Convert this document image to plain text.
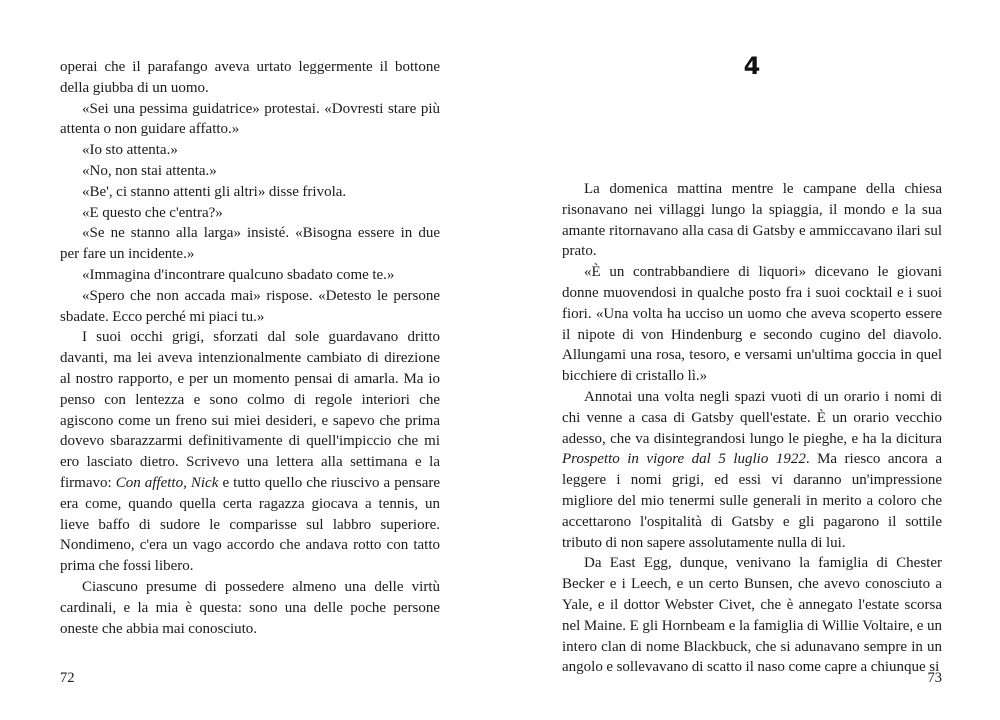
operai che il parafango aveva urtato leggermente il bottone della giubba di un uomo.

«Sei una pessima guidatrice» protestai. «Dovresti stare più attenta o non guidare affatto.»

«Io sto attenta.»

«No, non stai attenta.»

«Be', ci stanno attenti gli altri» disse frivola.

«E questo che c'entra?»

«Se ne stanno alla larga» insisté. «Bisogna essere in due per fare un incidente.»

«Immagina d'incontrare qualcuno sbadato come te.»

«Spero che non accada mai» rispose. «Detesto le persone sbadate. Ecco perché mi piaci tu.»

I suoi occhi grigi, sforzati dal sole guardavano dritto davanti, ma lei aveva intenzionalmente cambiato di direzione al nostro rapporto, e per un momento pensai di amarla. Ma io penso con lentezza e sono colmo di regole interiori che agiscono come un freno sui miei desideri, e sapevo che prima dovevo sbarazzarmi definitivamente di quell'impiccio che mi ero lasciato dietro. Scrivevo una lettera alla settimana e la firmavo: Con affetto, Nick e tutto quello che riuscivo a pensare era come, quando quella certa ragazza giocava a tennis, un lieve baffo di sudore le comparisse sul labbro superiore. Nondimeno, c'era un vago accordo che andava rotto con tatto prima che fossi libero.

Ciascuno presume di possedere almeno una delle virtù cardinali, e la mia è questa: sono una delle poche persone oneste che abbia mai conosciuto.

72
4

La domenica mattina mentre le campane della chiesa risonavano nei villaggi lungo la spiaggia, il mondo e la sua amante ritornavano alla casa di Gatsby e ammiccavano ilari sul prato.

«È un contrabbandiere di liquori» dicevano le giovani donne muovendosi in qualche posto fra i suoi cocktail e i suoi fiori. «Una volta ha ucciso un uomo che aveva scoperto essere il nipote di von Hindenburg e secondo cugino del diavolo. Allungami una rosa, tesoro, e versami un'ultima goccia in quel bicchiere di cristallo lì.»

Annotai una volta negli spazi vuoti di un orario i nomi di chi venne a casa di Gatsby quell'estate. È un orario vecchio adesso, che va disintegrandosi lungo le pieghe, e ha la dicitura Prospetto in vigore dal 5 luglio 1922. Ma riesco ancora a leggere i nomi grigi, ed essi vi daranno un'impressione migliore del mio tenermi sulle generali in merito a coloro che accettarono l'ospitalità di Gatsby e gli pagarono il sottile tributo di non sapere assolutamente nulla di lui.

Da East Egg, dunque, venivano la famiglia di Chester Becker e i Leech, e un certo Bunsen, che avevo conosciuto a Yale, e il dottor Webster Civet, che è annegato l'estate scorsa nel Maine. E gli Hornbeam e la famiglia di Willie Voltaire, e un intero clan di nome Blackbuck, che si adunavano sempre in un angolo e sollevavano di scatto il naso come capre a chiunque si

73
